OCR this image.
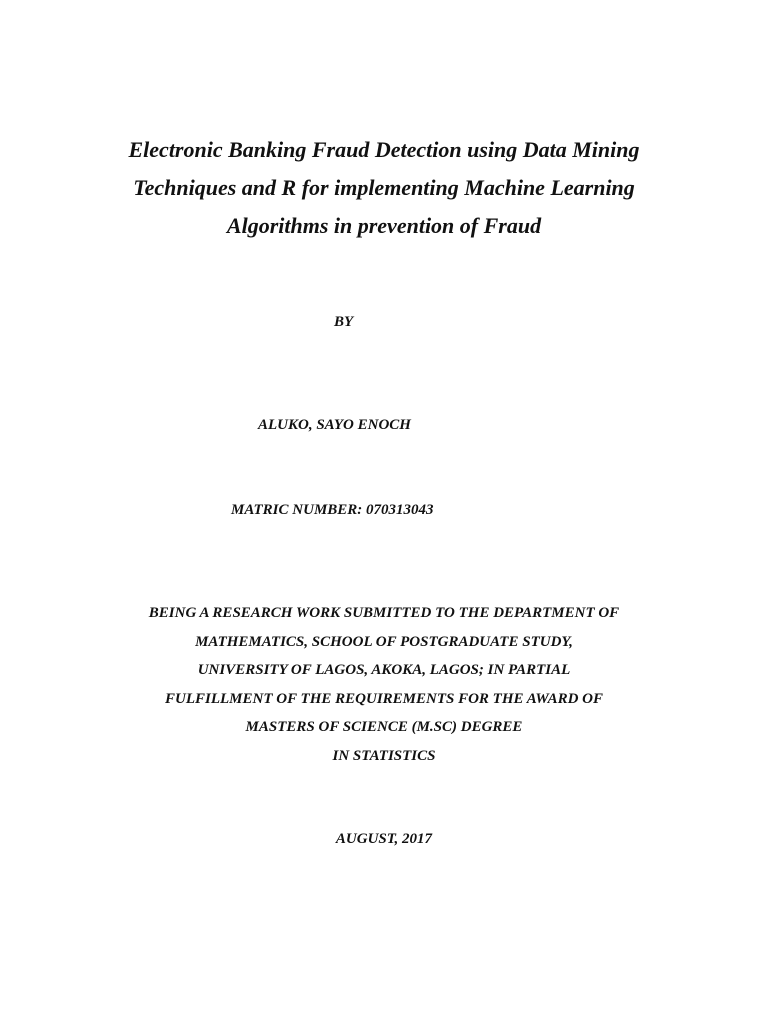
Electronic Banking Fraud Detection using Data Mining
Techniques and R for implementing Machine Learning
Algorithms in prevention of Fraud
BY
ALUKO, SAYO ENOCH
MATRIC NUMBER: 070313043
BEING A RESEARCH WORK SUBMITTED TO THE DEPARTMENT OF
MATHEMATICS, SCHOOL OF POSTGRADUATE STUDY,
UNIVERSITY OF LAGOS, AKOKA, LAGOS; IN PARTIAL
FULFILLMENT OF THE REQUIREMENTS FOR THE AWARD OF
MASTERS OF SCIENCE (M.SC) DEGREE
IN STATISTICS
AUGUST, 2017
